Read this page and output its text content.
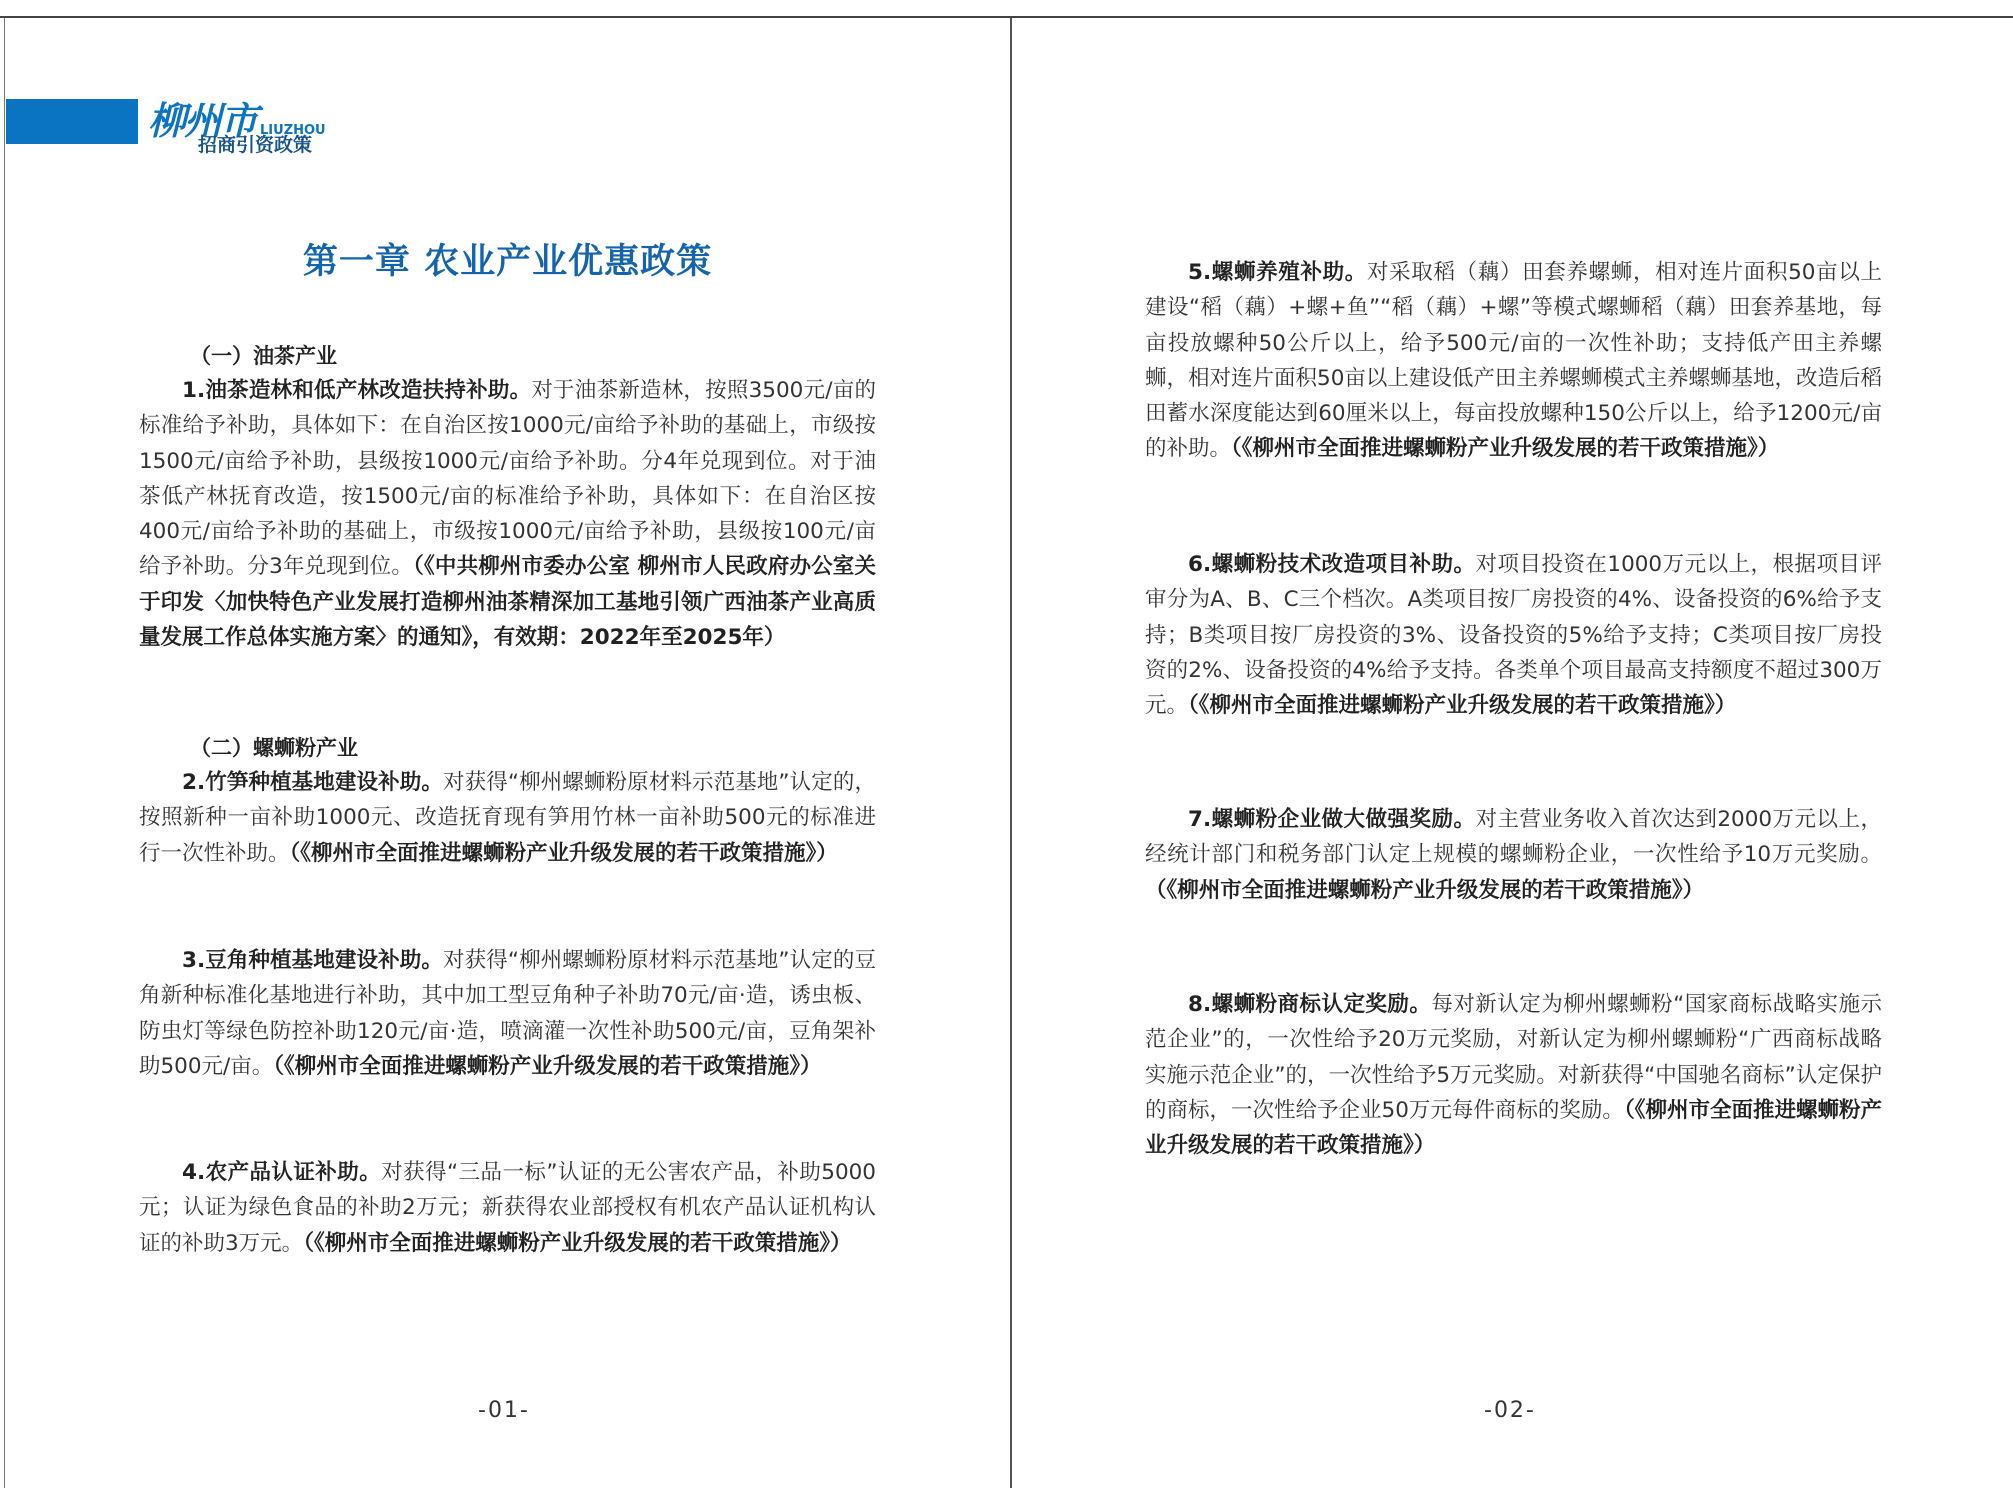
柳州市 LIUZHOU
招商引资政策
第一章 农业产业优惠政策
（一）油茶产业
1.油茶造林和低产林改造扶持补助。对于油茶新造林，按照3500元/亩的标准给予补助，具体如下：在自治区按1000元/亩给予补助的基础上，市级按1500元/亩给予补助，县级按1000元/亩给予补助。分4年兑现到位。对于油茶低产林抚育改造，按1500元/亩的标准给予补助，具体如下：在自治区按400元/亩给予补助的基础上，市级按1000元/亩给予补助，县级按100元/亩给予补助。分3年兑现到位。（《中共柳州市委办公室 柳州市人民政府办公室关于印发〈加快特色产业发展打造柳州油茶精深加工基地引领广西油茶产业高质量发展工作总体实施方案〉的通知》，有效期：2022年至2025年）
（二）螺蛳粉产业
2.竹笋种植基地建设补助。对获得“柳州螺蛳粉原材料示范基地”认定的，按照新种一亩补助1000元、改造抚育现有笋用竹林一亩补助500元的标准进行一次性补助。（《柳州市全面推进螺蛳粉产业升级发展的若干政策措施》）
3.豆角种植基地建设补助。对获得“柳州螺蛳粉原材料示范基地”认定的豆角新种标准化基地进行补助，其中加工型豆角种子补助70元/亩·造，诱虫板、防虫灯等绿色防控补助120元/亩·造，喷滴灌一次性补助500元/亩，豆角架补助500元/亩。（《柳州市全面推进螺蛳粉产业升级发展的若干政策措施》）
4.农产品认证补助。对获得“三品一标”认证的无公害农产品，补助5000元；认证为绿色食品的补助2万元；新获得农业部授权有机农产品认证机构认证的补助3万元。（《柳州市全面推进螺蛳粉产业升级发展的若干政策措施》）
-01-
5.螺蛳养殖补助。对采取稻（藕）田套养螺蛳，相对连片面积50亩以上建设“稻（藕）+螺+鱼”“稻（藕）+螺”等模式螺蛳稻（藕）田套养基地，每亩投放螺种50公斤以上，给予500元/亩的一次性补助；支持低产田主养螺蛳，相对连片面积50亩以上建设低产田主养螺蛳模式主养螺蛳基地，改造后稻田蓄水深度能达到60厘米以上，每亩投放螺种150公斤以上，给予1200元/亩的补助。（《柳州市全面推进螺蛳粉产业升级发展的若干政策措施》）
6.螺蛳粉技术改造项目补助。对项目投资在1000万元以上，根据项目评审分为A、B、C三个档次。A类项目按厂房投资的4%、设备投资的6%给予支持；B类项目按厂房投资的3%、设备投资的5%给予支持；C类项目按厂房投资的2%、设备投资的4%给予支持。各类单个项目最高支持额度不超过300万元。（《柳州市全面推进螺蛳粉产业升级发展的若干政策措施》）
7.螺蛳粉企业做大做强奖励。对主营业务收入首次达到2000万元以上，经统计部门和税务部门认定上规模的螺蛳粉企业，一次性给予10万元奖励。（《柳州市全面推进螺蛳粉产业升级发展的若干政策措施》）
8.螺蛳粉商标认定奖励。每对新认定为柳州螺蛳粉“国家商标战略实施示范企业”的，一次性给予20万元奖励，对新认定为柳州螺蛳粉“广西商标战略实施示范企业”的，一次性给予5万元奖励。对新获得“中国驰名商标”认定保护的商标，一次性给予企业50万元每件商标的奖励。（《柳州市全面推进螺蛳粉产业升级发展的若干政策措施》）
-02-
